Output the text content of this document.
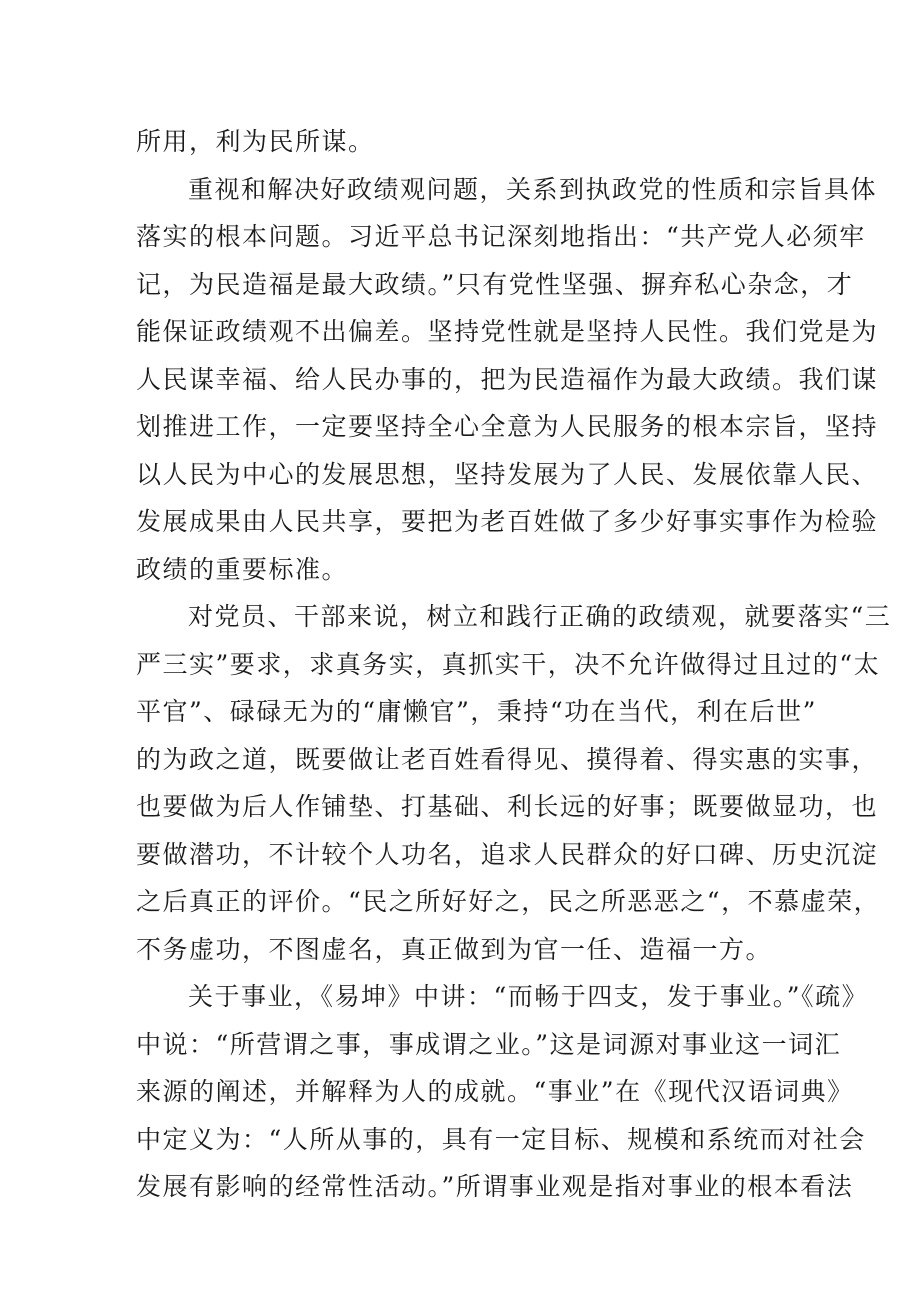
所用，利为民所谋。
重视和解决好政绩观问题，关系到执政党的性质和宗旨具体
落实的根本问题。习近平总书记深刻地指出：“共产党人必须牢
记，为民造福是最大政绩。”只有党性坚强、摒弃私心杂念，才
能保证政绩观不出偏差。坚持党性就是坚持人民性。我们党是为
人民谋幸福、给人民办事的，把为民造福作为最大政绩。我们谋
划推进工作，一定要坚持全心全意为人民服务的根本宗旨，坚持
以人民为中心的发展思想，坚持发展为了人民、发展依靠人民、
发展成果由人民共享，要把为老百姓做了多少好事实事作为检验
政绩的重要标准。
对党员、干部来说，树立和践行正确的政绩观，就要落实“三
严三实”要求，求真务实，真抓实干，决不允许做得过且过的“太
平官”、碌碌无为的“庸懒官”，秉持“功在当代，利在后世”
的为政之道，既要做让老百姓看得见、摸得着、得实惠的实事，
也要做为后人作铺垫、打基础、利长远的好事；既要做显功，也
要做潜功，不计较个人功名，追求人民群众的好口碑、历史沉淀
之后真正的评价。“民之所好好之，民之所恶恶之“，不慕虚荣，
不务虚功，不图虚名，真正做到为官一任、造福一方。
关于事业，《易坤》中讲：“而畅于四支，发于事业。”《疏》
中说：“所营谓之事，事成谓之业。”这是词源对事业这一词汇
来源的阐述，并解释为人的成就。“事业”在《现代汉语词典》
中定义为：“人所从事的，具有一定目标、规模和系统而对社会
发展有影响的经常性活动。”所谓事业观是指对事业的根本看法
